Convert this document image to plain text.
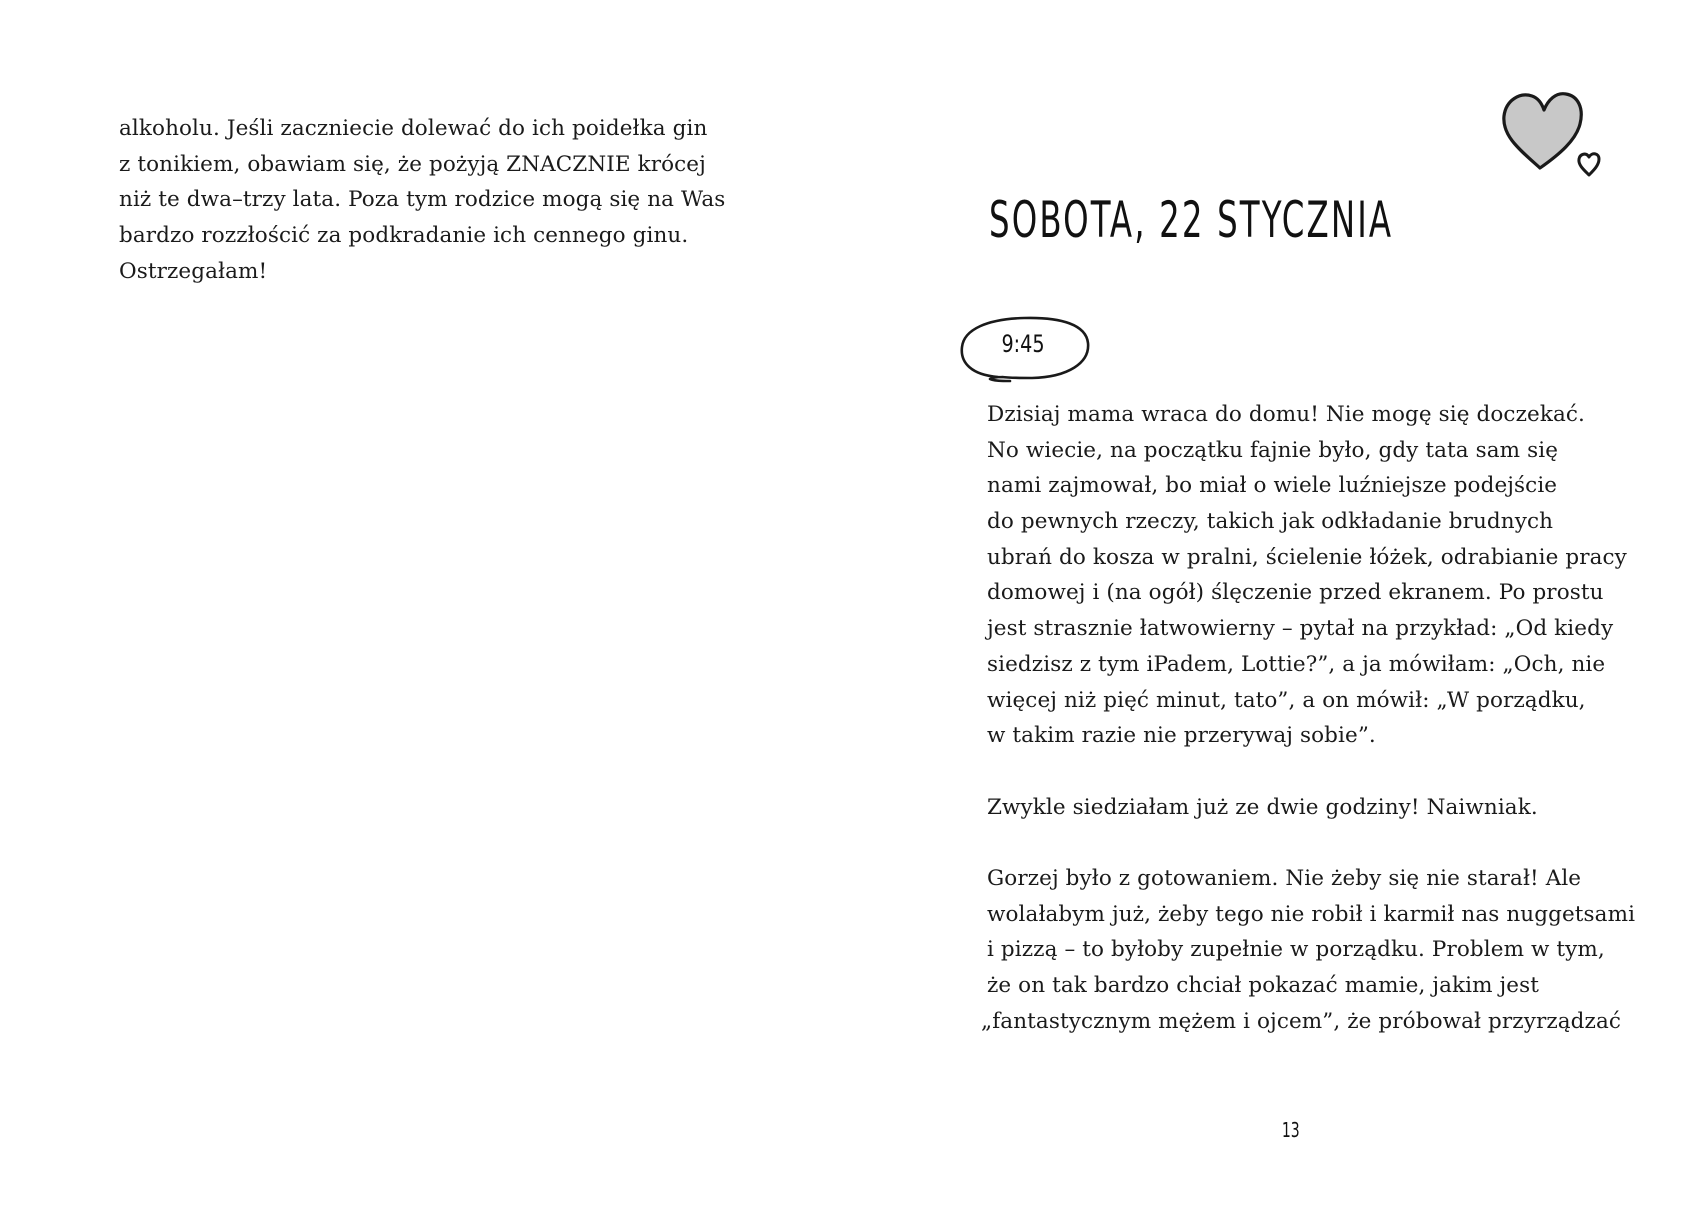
alkoholu. Jeśli zaczniecie dolewać do ich poidełka gin
z tonikiem, obawiam się, że pożyją ZNACZNIE krócej
niż te dwa–trzy lata. Poza tym rodzice mogą się na Was
bardzo rozzłościć za podkradanie ich cennego ginu.
Ostrzegałam!
SOBOTA, 22 STYCZNIA
9:45
Dzisiaj mama wraca do domu! Nie mogę się doczekać.
No wiecie, na początku fajnie było, gdy tata sam się
nami zajmował, bo miał o wiele luźniejsze podejście
do pewnych rzeczy, takich jak odkładanie brudnych
ubrań do kosza w pralni, ścielenie łóżek, odrabianie pracy
domowej i (na ogół) ślęczenie przed ekranem. Po prostu
jest strasznie łatwowierny – pytał na przykład: „Od kiedy
siedzisz z tym iPadem, Lottie?”, a ja mówiłam: „Och, nie
więcej niż pięć minut, tato”, a on mówił: „W porządku,
w takim razie nie przerywaj sobie”.
Zwykle siedziałam już ze dwie godziny! Naiwniak.
Gorzej było z gotowaniem. Nie żeby się nie starał! Ale
wolałabym już, żeby tego nie robił i karmił nas nuggetsami
i pizzą – to byłoby zupełnie w porządku. Problem w tym,
że on tak bardzo chciał pokazać mamie, jakim jest
„fantastycznym mężem i ojcem”, że próbował przyrządzać
13
